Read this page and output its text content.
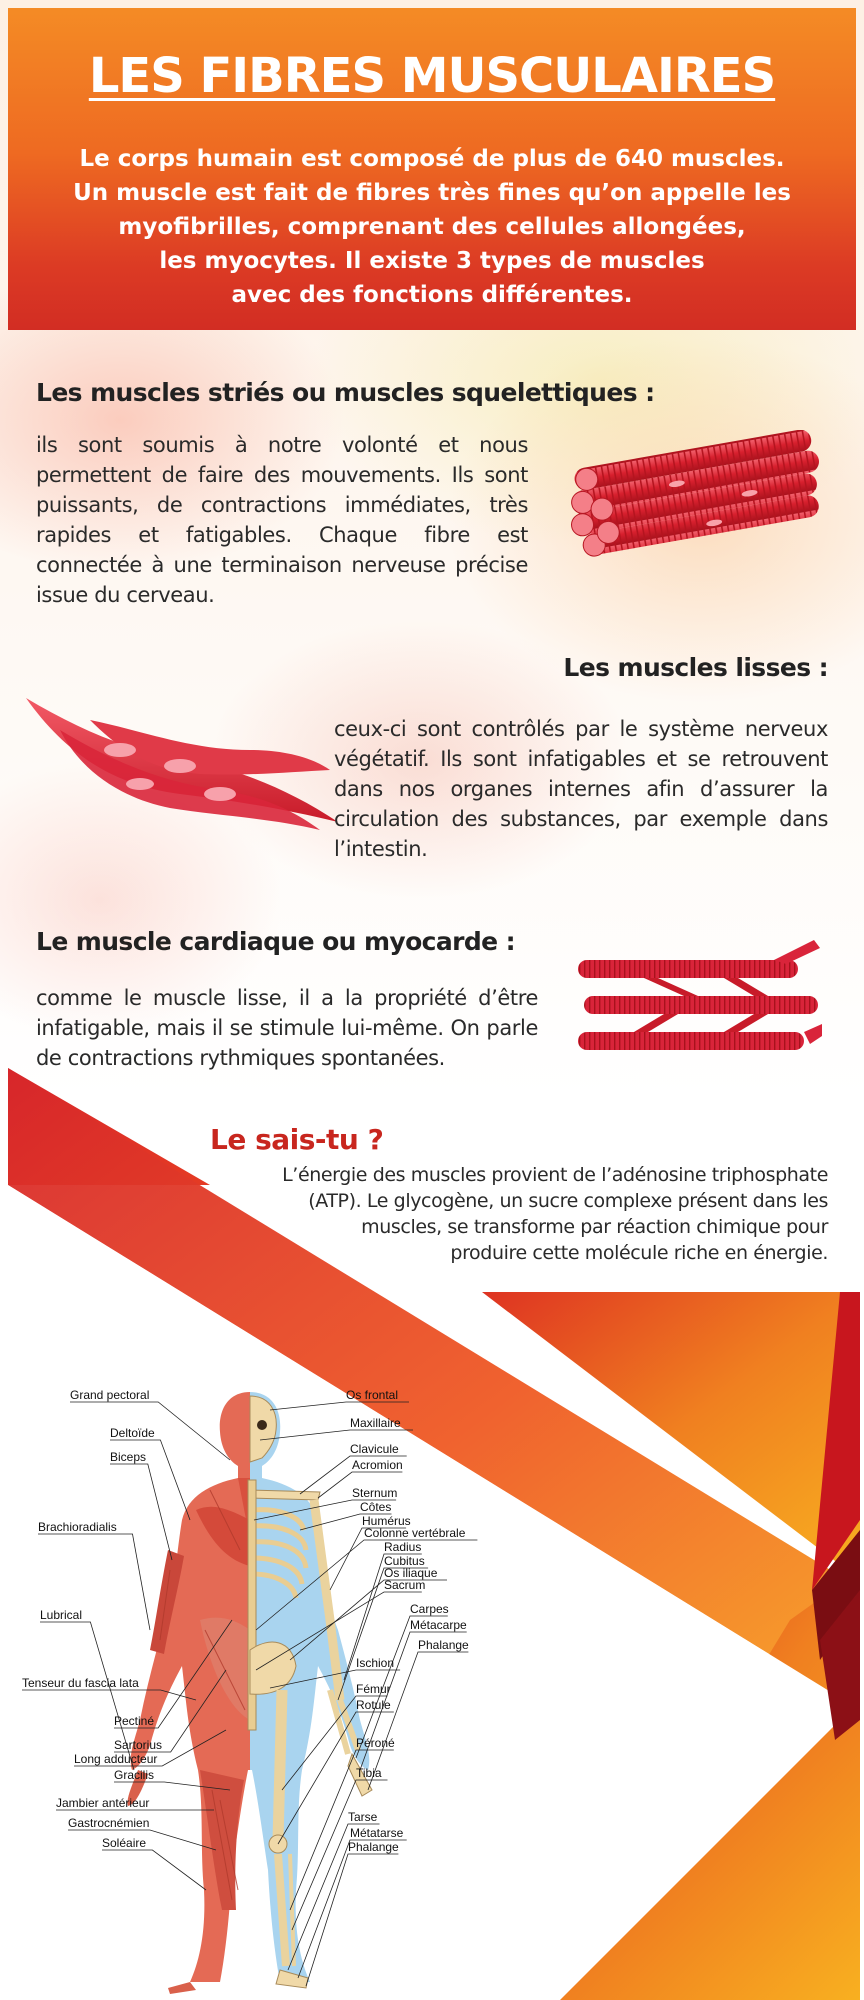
LES FIBRES MUSCULAIRES
Le corps humain est composé de plus de 640 muscles.
Un muscle est fait de fibres très fines qu’on appelle les
myofibrilles, comprenant des cellules allongées,
les myocytes. Il existe 3 types de muscles
avec des fonctions différentes.
Les muscles striés ou muscles squelettiques :
ils sont soumis à notre volonté et nous permettent de faire des mouvements. Ils sont puissants, de contractions immédiates, très rapides et fatigables. Chaque fibre est connectée à une terminaison nerveuse précise issue du cerveau.
Les muscles lisses :
ceux-ci sont contrôlés par le système nerveux végétatif. Ils sont infatigables et se retrouvent dans nos organes internes afin d’assurer la circulation des substances, par exemple dans l’intestin.
Le muscle cardiaque ou myocarde :
comme le muscle lisse, il a la propriété d’être infatigable, mais il se stimule lui-même. On parle de contractions rythmiques spontanées.
Le sais-tu ?
L’énergie des muscles provient de l’adénosine triphosphate
(ATP). Le glycogène, un sucre complexe présent dans les
muscles, se transforme par réaction chimique pour
produire cette molécule riche en énergie.
Grand pectoral
Deltoïde
Biceps
Brachioradialis
Lubrical
Tenseur du fascia lata
Pectiné
Sartorius
Long adducteur
Gracilis
Jambier antérieur
Gastrocnémien
Soléaire
Os frontal
Maxillaire
Clavicule
Acromion
Sternum
Côtes
Humérus
Colonne vertébrale
Radius
Cubitus
Os iliaque
Sacrum
Carpes
Métacarpe
Phalange
Ischion
Fémur
Rotule
Péroné
Tibia
Tarse
Métatarse
Phalange
